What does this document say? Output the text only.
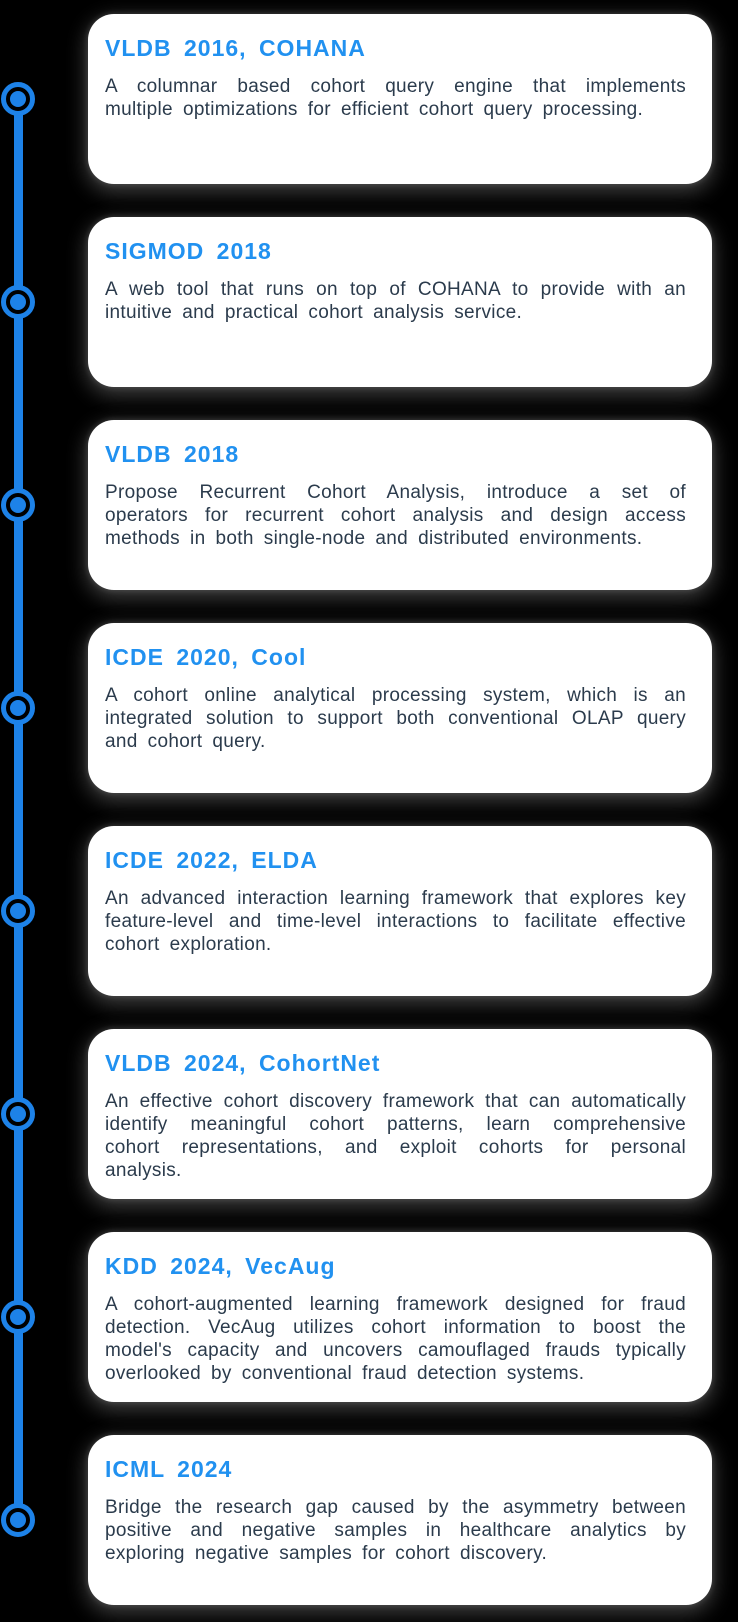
VLDB 2016, COHANA

A columnar based cohort query engine that implements multiple optimizations for efficient cohort query processing.

SIGMOD 2018

A web tool that runs on top of COHANA to provide with an intuitive and practical cohort analysis service.

VLDB 2018

Propose Recurrent Cohort Analysis, introduce a set of operators for recurrent cohort analysis and design access methods in both single-node and distributed environments.

ICDE 2020, Cool

A cohort online analytical processing system, which is an integrated solution to support both conventional OLAP query and cohort query.

ICDE 2022, ELDA

An advanced interaction learning framework that explores key feature-level and time-level interactions to facilitate effective cohort exploration.

VLDB 2024, CohortNet

An effective cohort discovery framework that can automatically identify meaningful cohort patterns, learn comprehensive cohort representations, and exploit cohorts for personal analysis.

KDD 2024, VecAug

A cohort-augmented learning framework designed for fraud detection. VecAug utilizes cohort information to boost the model's capacity and uncovers camouflaged frauds typically overlooked by conventional fraud detection systems.

ICML 2024

Bridge the research gap caused by the asymmetry between positive and negative samples in healthcare analytics by exploring negative samples for cohort discovery.
